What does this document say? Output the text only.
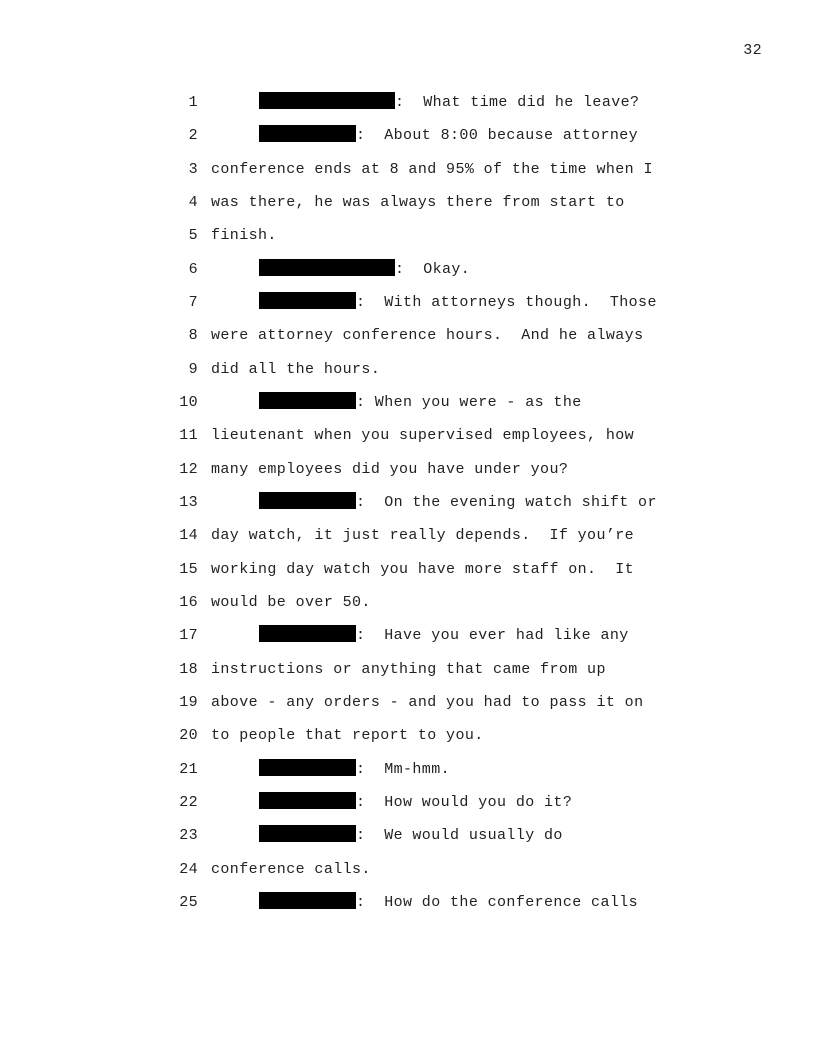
32
1	:  What time did he leave?
2	:  About 8:00 because attorney
3 conference ends at 8 and 95% of the time when I
4 was there, he was always there from start to
5 finish.
6	:  Okay.
7	:  With attorneys though.  Those
8 were attorney conference hours.  And he always
9 did all the hours.
10	: When you were - as the
11 lieutenant when you supervised employees, how
12 many employees did you have under you?
13	:  On the evening watch shift or
14 day watch, it just really depends.  If you’re
15 working day watch you have more staff on.  It
16 would be over 50.
17	:  Have you ever had like any
18 instructions or anything that came from up
19 above - any orders - and you had to pass it on
20 to people that report to you.
21	:  Mm-hmm.
22	:  How would you do it?
23	:  We would usually do
24 conference calls.
25	:  How do the conference calls
